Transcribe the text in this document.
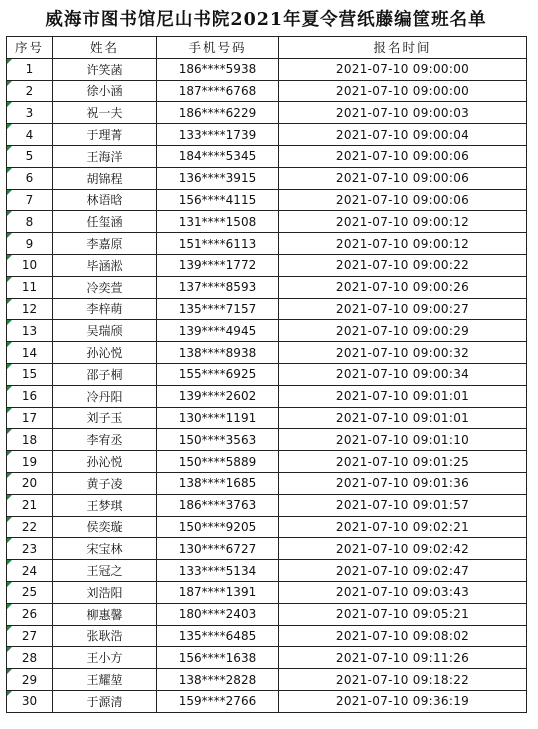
威海市图书馆尼山书院2021年夏令营纸藤编筐班名单
序号	姓名	手机号码	报名时间
1	许笑菡	186****5938	2021-07-10 09:00:00
2	徐小涵	187****6768	2021-07-10 09:00:00
3	祝一夫	186****6229	2021-07-10 09:00:03
4	于理菁	133****1739	2021-07-10 09:00:04
5	王海洋	184****5345	2021-07-10 09:00:06
6	胡锦程	136****3915	2021-07-10 09:00:06
7	林语晗	156****4115	2021-07-10 09:00:06
8	任玺涵	131****1508	2021-07-10 09:00:12
9	李嘉原	151****6113	2021-07-10 09:00:12
10	毕涵淞	139****1772	2021-07-10 09:00:22
11	冷奕萱	137****8593	2021-07-10 09:00:26
12	李梓萌	135****7157	2021-07-10 09:00:27
13	吴瑞颀	139****4945	2021-07-10 09:00:29
14	孙沁悦	138****8938	2021-07-10 09:00:32
15	邵子桐	155****6925	2021-07-10 09:00:34
16	冷丹阳	139****2602	2021-07-10 09:01:01
17	刘子玉	130****1191	2021-07-10 09:01:01
18	李宥丞	150****3563	2021-07-10 09:01:10
19	孙沁悦	150****5889	2021-07-10 09:01:25
20	黄子凌	138****1685	2021-07-10 09:01:36
21	王梦琪	186****3763	2021-07-10 09:01:57
22	侯奕璇	150****9205	2021-07-10 09:02:21
23	宋宝林	130****6727	2021-07-10 09:02:42
24	王冠之	133****5134	2021-07-10 09:02:47
25	刘浩阳	187****1391	2021-07-10 09:03:43
26	柳惠馨	180****2403	2021-07-10 09:05:21
27	张耿浩	135****6485	2021-07-10 09:08:02
28	王小方	156****1638	2021-07-10 09:11:26
29	王耀堃	138****2828	2021-07-10 09:18:22
30	于源清	159****2766	2021-07-10 09:36:19
